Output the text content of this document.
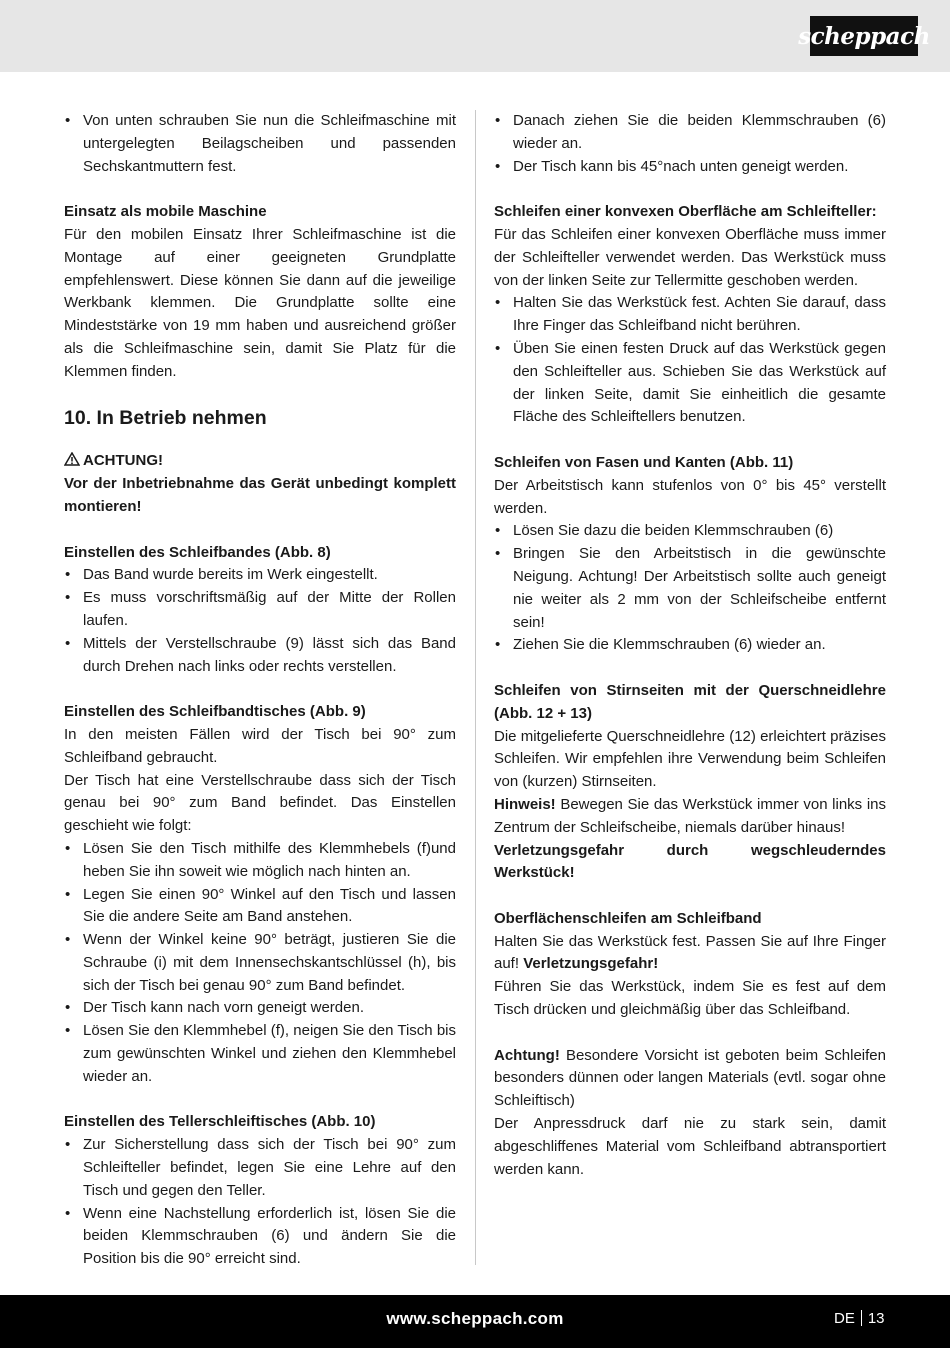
scheppach
• Von unten schrauben Sie nun die Schleifmaschine mit untergelegten Beilagscheiben und passenden Sechskantmuttern fest.
Einsatz als mobile Maschine
Für den mobilen Einsatz Ihrer Schleifmaschine ist die Montage auf einer geeigneten Grundplatte empfehlenswert. Diese können Sie dann auf die jeweilige Werkbank klemmen. Die Grundplatte sollte eine Mindeststärke von 19 mm haben und ausreichend größer als die Schleifmaschine sein, damit Sie Platz für die Klemmen finden.
10. In Betrieb nehmen
ACHTUNG!
Vor der Inbetriebnahme das Gerät unbedingt komplett montieren!
Einstellen des Schleifbandes (Abb. 8)
• Das Band wurde bereits im Werk eingestellt.
• Es muss vorschriftsmäßig auf der Mitte der Rollen laufen.
• Mittels der Verstellschraube (9) lässt sich das Band durch Drehen nach links oder rechts verstellen.
Einstellen des Schleifbandtisches (Abb. 9)
In den meisten Fällen wird der Tisch bei 90° zum Schleifband gebraucht.
Der Tisch hat eine Verstellschraube dass sich der Tisch genau bei 90° zum Band befindet. Das Einstellen geschieht wie folgt:
• Lösen Sie den Tisch mithilfe des Klemmhebels (f)und heben Sie ihn soweit wie möglich nach hinten an.
• Legen Sie einen 90° Winkel auf den Tisch und lassen Sie die andere Seite am Band anstehen.
• Wenn der Winkel keine 90° beträgt, justieren Sie die Schraube (i) mit dem Innensechskantschlüssel (h), bis sich der Tisch bei genau 90° zum Band befindet.
• Der Tisch kann nach vorn geneigt werden.
• Lösen Sie den Klemmhebel (f), neigen Sie den Tisch bis zum gewünschten Winkel und ziehen den Klemmhebel wieder an.
Einstellen des Tellerschleiftisches (Abb. 10)
• Zur Sicherstellung dass sich der Tisch bei 90° zum Schleifteller befindet, legen Sie eine Lehre auf den Tisch und gegen den Teller.
• Wenn eine Nachstellung erforderlich ist, lösen Sie die beiden Klemmschrauben (6) und ändern Sie die Position bis die 90° erreicht sind.
• Danach ziehen Sie die beiden Klemmschrauben (6) wieder an.
• Der Tisch kann bis 45°nach unten geneigt werden.
Schleifen einer konvexen Oberfläche am Schleifteller:
Für das Schleifen einer konvexen Oberfläche muss immer der Schleifteller verwendet werden. Das Werkstück muss von der linken Seite zur Tellermitte geschoben werden.
• Halten Sie das Werkstück fest. Achten Sie darauf, dass Ihre Finger das Schleifband nicht berühren.
• Üben Sie einen festen Druck auf das Werkstück gegen den Schleifteller aus. Schieben Sie das Werkstück auf der linken Seite, damit Sie einheitlich die gesamte Fläche des Schleiftellers benutzen.
Schleifen von Fasen und Kanten (Abb. 11)
Der Arbeitstisch kann stufenlos von 0° bis 45° verstellt werden.
• Lösen Sie dazu die beiden Klemmschrauben (6)
• Bringen Sie den Arbeitstisch in die gewünschte Neigung. Achtung! Der Arbeitstisch sollte auch geneigt nie weiter als 2 mm von der Schleifscheibe entfernt sein!
• Ziehen Sie die Klemmschrauben (6) wieder an.
Schleifen von Stirnseiten mit der Querschneidlehre (Abb. 12 + 13)
Die mitgelieferte Querschneidlehre (12) erleichtert präzises Schleifen. Wir empfehlen ihre Verwendung beim Schleifen von (kurzen) Stirnseiten.
Hinweis! Bewegen Sie das Werkstück immer von links ins Zentrum der Schleifscheibe, niemals darüber hinaus!
Verletzungsgefahr durch wegschleuderndes Werkstück!
Oberflächenschleifen am Schleifband
Halten Sie das Werkstück fest. Passen Sie auf Ihre Finger auf! Verletzungsgefahr!
Führen Sie das Werkstück, indem Sie es fest auf dem Tisch drücken und gleichmäßig über das Schleifband.
Achtung! Besondere Vorsicht ist geboten beim Schleifen besonders dünnen oder langen Materials (evtl. sogar ohne Schleiftisch)
Der Anpressdruck darf nie zu stark sein, damit abgeschliffenes Material vom Schleifband abtransportiert werden kann.
www.scheppach.com	DE 13
